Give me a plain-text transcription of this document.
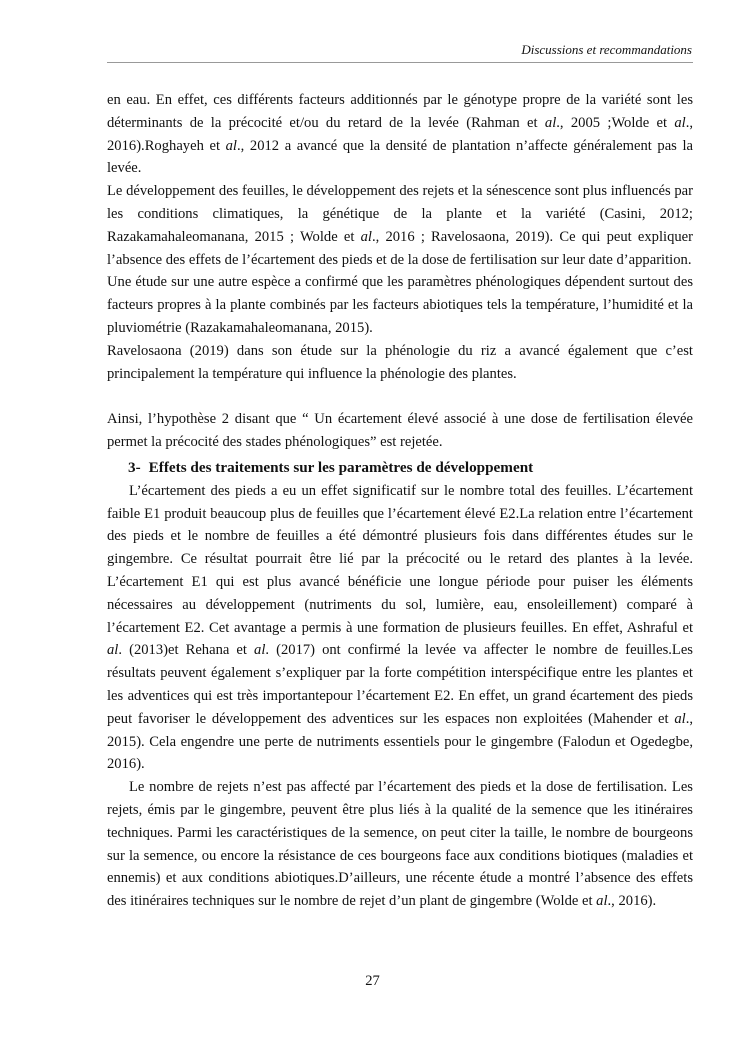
Discussions et recommandations

en eau. En effet, ces différents facteurs additionnés par le génotype propre de la variété sont les déterminants de la précocité et/ou du retard de la levée (Rahman et al., 2005 ;Wolde et al., 2016).Roghayeh et al., 2012 a avancé que la densité de plantation n’affecte généralement pas la levée.

Le développement des feuilles, le développement des rejets et la sénescence sont plus influencés par les conditions climatiques, la génétique de la plante et la variété (Casini, 2012; Razakamahaleomanana, 2015 ; Wolde et al., 2016 ; Ravelosaona, 2019). Ce qui peut expliquer l’absence des effets de l’écartement des pieds et de la dose de fertilisation sur leur date d’apparition.

Une étude sur une autre espèce a confirmé que les paramètres phénologiques dépendent surtout des facteurs propres à la plante combinés par les facteurs abiotiques tels la température, l’humidité et la pluviométrie (Razakamahaleomanana, 2015).

Ravelosaona (2019) dans son étude sur la phénologie du riz a avancé également que c’est principalement la température qui influence la phénologie des plantes.

Ainsi, l’hypothèse 2 disant que “ Un écartement élevé associé à une dose de fertilisation élevée permet la précocité des stades phénologiques” est rejetée.

3- Effets des traitements sur les paramètres de développement

L’écartement des pieds a eu un effet significatif sur le nombre total des feuilles. L’écartement faible E1 produit beaucoup plus de feuilles que l’écartement élevé E2.La relation entre l’écartement des pieds et le nombre de feuilles a été démontré plusieurs fois dans différentes études sur le gingembre. Ce résultat pourrait être lié par la précocité ou le retard des plantes à la levée. L’écartement E1 qui est plus avancé bénéficie une longue période pour puiser les éléments nécessaires au développement (nutriments du sol, lumière, eau, ensoleillement) comparé à l’écartement E2. Cet avantage a permis à une formation de plusieurs feuilles. En effet, Ashraful et al. (2013)et Rehana et al. (2017) ont confirmé la levée va affecter le nombre de feuilles.Les résultats peuvent également s’expliquer par la forte compétition interspécifique entre les plantes et les adventices qui est très importantepour l’écartement E2. En effet, un grand écartement des pieds peut favoriser le développement des adventices sur les espaces non exploitées (Mahender et al., 2015). Cela engendre une perte de nutriments essentiels pour le gingembre (Falodun et Ogedegbe, 2016).

Le nombre de rejets n’est pas affecté par l’écartement des pieds et la dose de fertilisation. Les rejets, émis par le gingembre, peuvent être plus liés à la qualité de la semence que les itinéraires techniques. Parmi les caractéristiques de la semence, on peut citer la taille, le nombre de bourgeons sur la semence, ou encore la résistance de ces bourgeons face aux conditions biotiques (maladies et ennemis) et aux conditions abiotiques.D’ailleurs, une récente étude a montré l’absence des effets des itinéraires techniques sur le nombre de rejet d’un plant de gingembre (Wolde et al., 2016).

27
